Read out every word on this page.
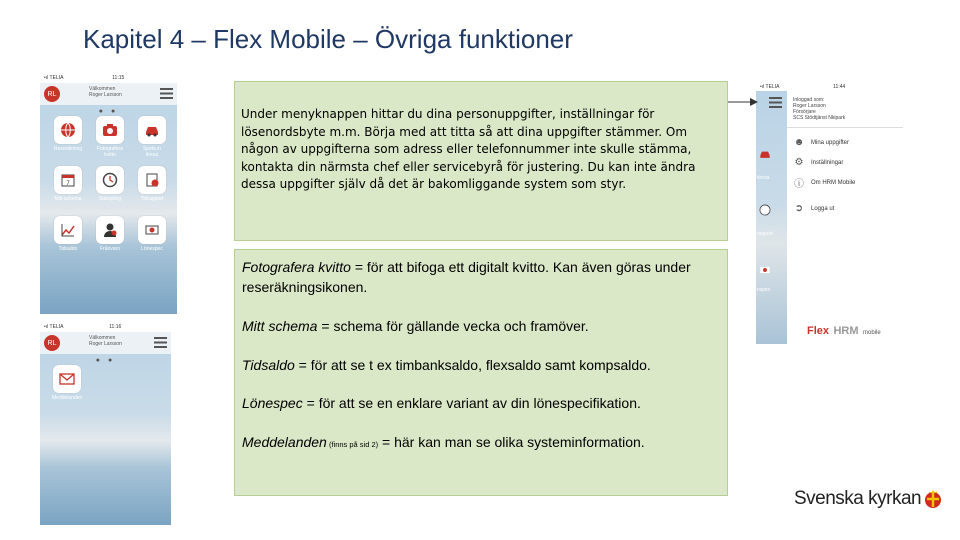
Kapitel 4 – Flex Mobile – Övriga funktioner
•ıl TELIA	11:15
RL
Välkommen
Roger Larsson
● ●
Reseräkning	Fotografera kvitto
Spela in tiresa
7
Mitt schema	Stämpling	Tidrapport
Tidsaldo	Frånvaro	Lönespec
•ıl TELIA	11:16
RL
Välkommen
Roger Larsson
● ●
Meddelanden
•ıl TELIA	11:44
tiresa
rapport
nspec
Inloggad som:
Roger Larsson
Försörjare
SCS Stödtjänst Nkipark
☻ Mina uppgifter
⚙ Inställningar
ⓘ Om HRM Mobile
➲	Logga ut
Flex HRM mobile

Under menyknappen hittar du dina personuppgifter, inställningar för lösenordsbyte m.m. Börja med att titta så att dina uppgifter stämmer. Om någon av uppgifterna som adress eller telefonnummer inte skulle stämma, kontakta din närmsta chef eller servicebyrå för justering. Du kan inte ändra dessa uppgifter själv då det är bakomliggande system som styr.

Fotografera kvitto = för att bifoga ett digitalt kvitto. Kan även göras under reseräkningsikonen.

Mitt schema = schema för gällande vecka och framöver.

Tidsaldo = för att se t ex timbanksaldo, flexsaldo samt kompsaldo.

Lönespec = för att se en enklare variant av din lönespecifikation.

Meddelanden (finns på sid 2) = här kan man se olika systeminformation.

Svenska kyrkan
